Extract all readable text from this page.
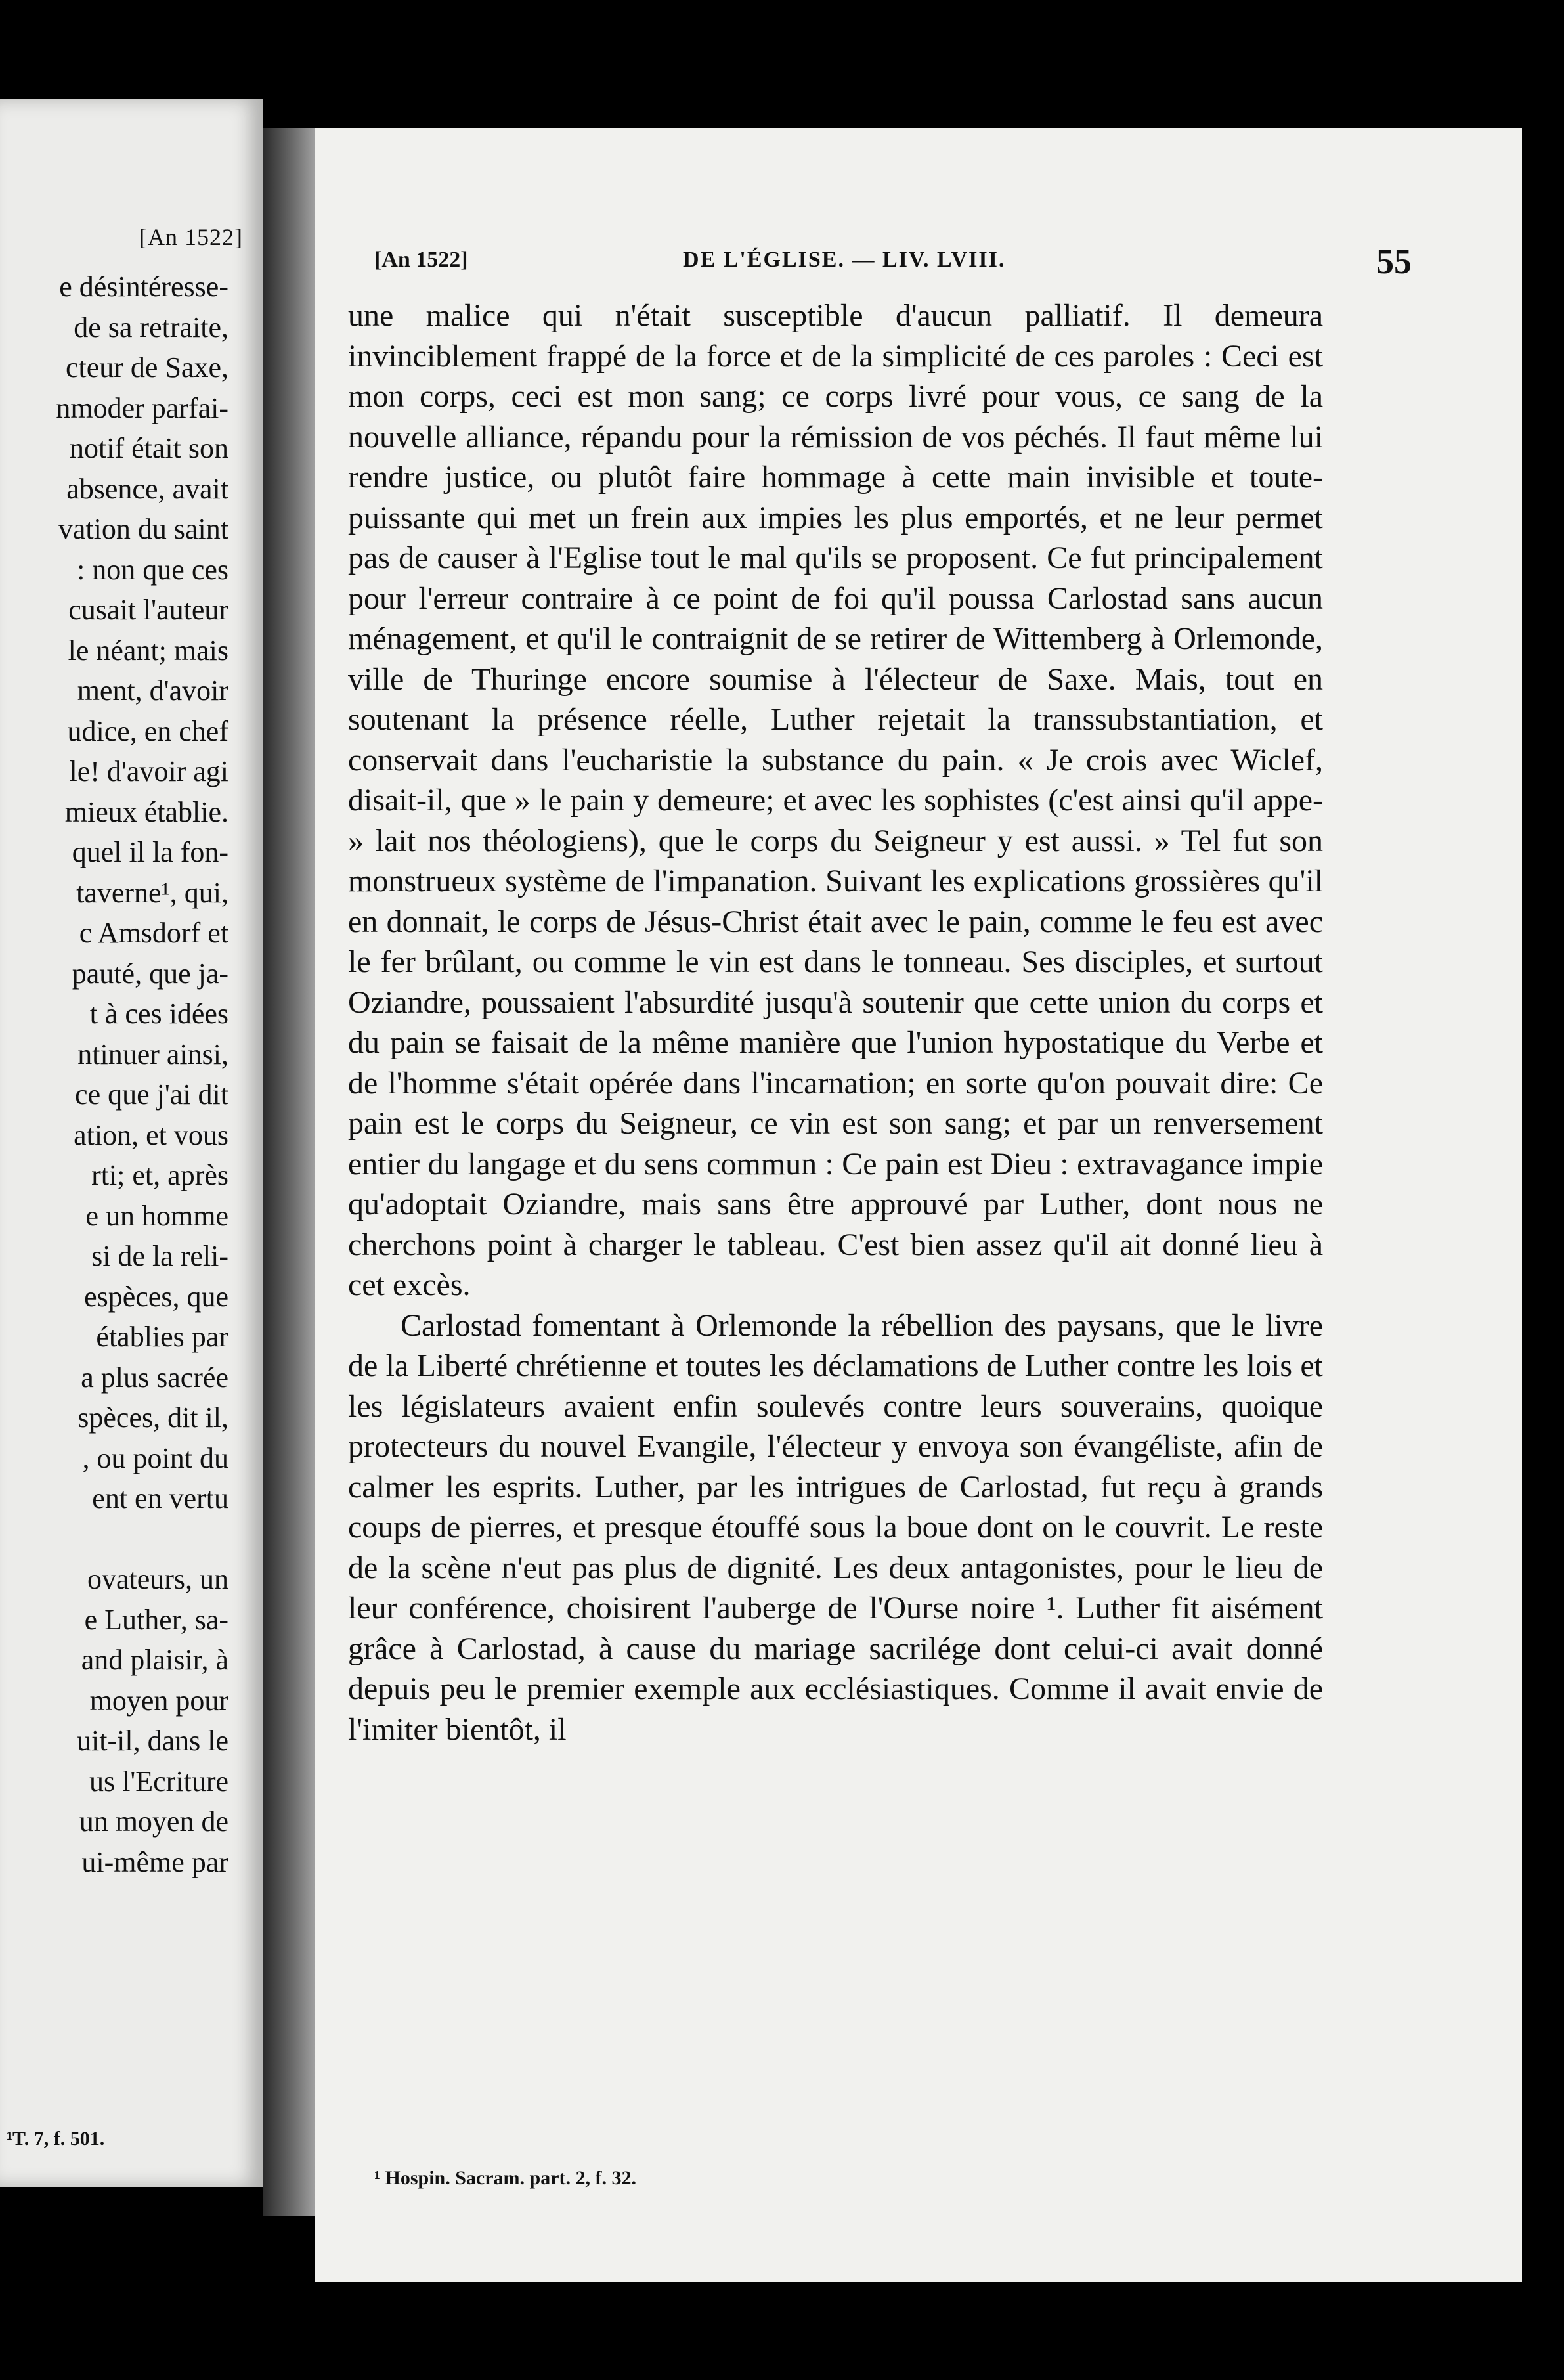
[An 1522]
e désintéresse-
de sa retraite,
cteur de Saxe,
nmoder parfai-
notif était son
absence, avait
vation du saint
: non que ces
cusait l'auteur
le néant; mais
ment, d'avoir
udice, en chef
le! d'avoir agi
mieux établie.
quel il la fon-
taverne¹, qui,
c Amsdorf et
pauté, que ja-
t à ces idées
ntinuer ainsi,
ce que j'ai dit
ation, et vous
rti; et, après
e un homme
si de la reli-
espèces, que
établies par
a plus sacrée
spèces, dit il,
, ou point du
ent en vertu
ovateurs, un
e Luther, sa-
and plaisir, à
moyen pour
uit-il, dans le
us l'Ecriture
un moyen de
ui-même par
¹T. 7, f. 501.
[An 1522]	DE L'ÉGLISE. — LIV. LVIII.	55

une malice qui n'était susceptible d'aucun palliatif. Il demeura invinciblement frappé de la force et de la simplicité de ces paroles : Ceci est mon corps, ceci est mon sang; ce corps livré pour vous, ce sang de la nouvelle alliance, répandu pour la rémission de vos péchés. Il faut même lui rendre justice, ou plutôt faire hommage à cette main invisible et toute-puissante qui met un frein aux impies les plus emportés, et ne leur permet pas de causer à l'Eglise tout le mal qu'ils se proposent. Ce fut principalement pour l'erreur contraire à ce point de foi qu'il poussa Carlostad sans aucun ménagement, et qu'il le contraignit de se retirer de Wittemberg à Orlemonde, ville de Thuringe encore soumise à l'électeur de Saxe. Mais, tout en soutenant la présence réelle, Luther rejetait la transsubstantiation, et conservait dans l'eucharistie la substance du pain. « Je crois avec Wiclef, disait-il, que » le pain y demeure; et avec les sophistes (c'est ainsi qu'il appe- » lait nos théologiens), que le corps du Seigneur y est aussi. » Tel fut son monstrueux système de l'impanation. Suivant les explications grossières qu'il en donnait, le corps de Jésus-Christ était avec le pain, comme le feu est avec le fer brûlant, ou comme le vin est dans le tonneau. Ses disciples, et surtout Oziandre, poussaient l'absurdité jusqu'à soutenir que cette union du corps et du pain se faisait de la même manière que l'union hypostatique du Verbe et de l'homme s'était opérée dans l'incarnation; en sorte qu'on pouvait dire: Ce pain est le corps du Seigneur, ce vin est son sang; et par un renversement entier du langage et du sens commun : Ce pain est Dieu : extravagance impie qu'adoptait Oziandre, mais sans être approuvé par Luther, dont nous ne cherchons point à charger le tableau. C'est bien assez qu'il ait donné lieu à cet excès.

Carlostad fomentant à Orlemonde la rébellion des paysans, que le livre de la Liberté chrétienne et toutes les déclamations de Luther contre les lois et les législateurs avaient enfin soulevés contre leurs souverains, quoique protecteurs du nouvel Evangile, l'électeur y envoya son évangéliste, afin de calmer les esprits. Luther, par les intrigues de Carlostad, fut reçu à grands coups de pierres, et presque étouffé sous la boue dont on le couvrit. Le reste de la scène n'eut pas plus de dignité. Les deux antagonistes, pour le lieu de leur conférence, choisirent l'auberge de l'Ourse noire ¹. Luther fit aisément grâce à Carlostad, à cause du mariage sacrilége dont celui-ci avait donné depuis peu le premier exemple aux ecclésiastiques. Comme il avait envie de l'imiter bientôt, il

¹ Hospin. Sacram. part. 2, f. 32.
